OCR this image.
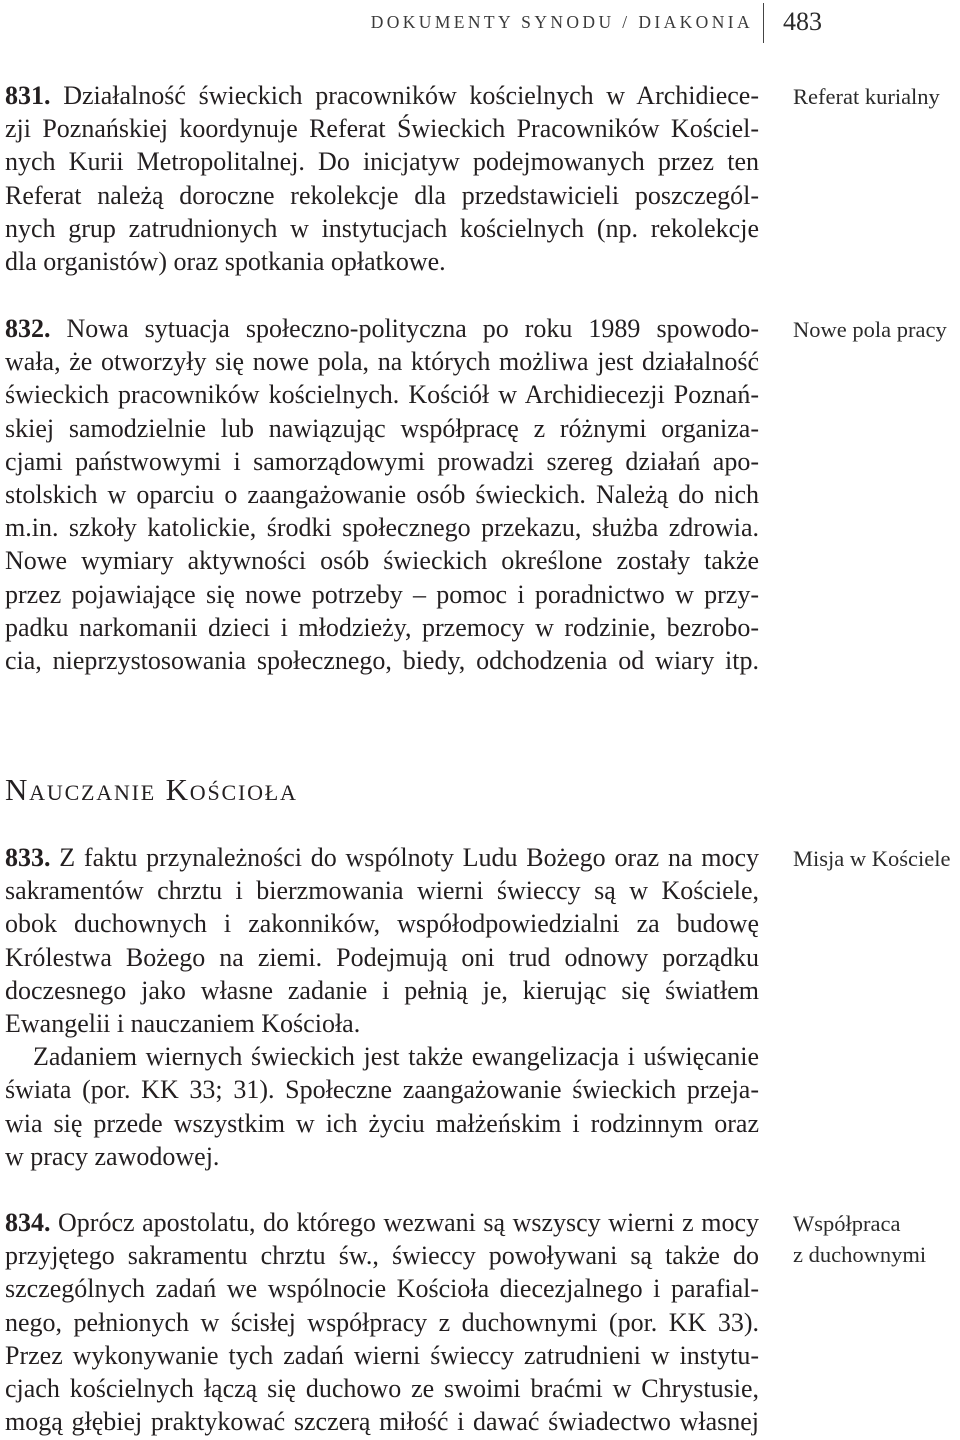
DOKUMENTY SYNODU / DIAKONIA 483
831. Działalność świeckich pracowników kościelnych w Archidiece-
zji Poznańskiej koordynuje Referat Świeckich Pracowników Kościel-
nych Kurii Metropolitalnej. Do inicjatyw podejmowanych przez ten
Referat należą doroczne rekolekcje dla przedstawicieli poszczegól-
nych grup zatrudnionych w instytucjach kościelnych (np. rekolekcje
dla organistów) oraz spotkania opłatkowe.
Referat kurialny
832. Nowa sytuacja społeczno-polityczna po roku 1989 spowodo-
wała, że otworzyły się nowe pola, na których możliwa jest działalność
świeckich pracowników kościelnych. Kościół w Archidiecezji Poznań-
skiej samodzielnie lub nawiązując współpracę z różnymi organiza-
cjami państwowymi i samorządowymi prowadzi szereg działań apo-
stolskich w oparciu o zaangażowanie osób świeckich. Należą do nich
m.in. szkoły katolickie, środki społecznego przekazu, służba zdrowia.
Nowe wymiary aktywności osób świeckich określone zostały także
przez pojawiające się nowe potrzeby – pomoc i poradnictwo w przy-
padku narkomanii dzieci i młodzieży, przemocy w rodzinie, bezrobo-
cia, nieprzystosowania społecznego, biedy, odchodzenia od wiary itp.
Nowe pola pracy
Nauczanie Kościoła
833. Z faktu przynależności do wspólnoty Ludu Bożego oraz na mocy
sakramentów chrztu i bierzmowania wierni świeccy są w Kościele,
obok duchownych i zakonników, współodpowiedzialni za budowę
Królestwa Bożego na ziemi. Podejmują oni trud odnowy porządku
doczesnego jako własne zadanie i pełnią je, kierując się światłem
Ewangelii i nauczaniem Kościoła.
Zadaniem wiernych świeckich jest także ewangelizacja i uświęcanie
świata (por. KK 33; 31). Społeczne zaangażowanie świeckich przeja-
wia się przede wszystkim w ich życiu małżeńskim i rodzinnym oraz
w pracy zawodowej.
Misja w Kościele
834. Oprócz apostolatu, do którego wezwani są wszyscy wierni z mocy
przyjętego sakramentu chrztu św., świeccy powoływani są także do
szczególnych zadań we wspólnocie Kościoła diecezjalnego i parafial-
nego, pełnionych w ścisłej współpracy z duchownymi (por. KK 33).
Przez wykonywanie tych zadań wierni świeccy zatrudnieni w instytu-
cjach kościelnych łączą się duchowo ze swoimi braćmi w Chrystusie,
mogą głębiej praktykować szczerą miłość i dawać świadectwo własnej
Współpraca
z duchownymi
